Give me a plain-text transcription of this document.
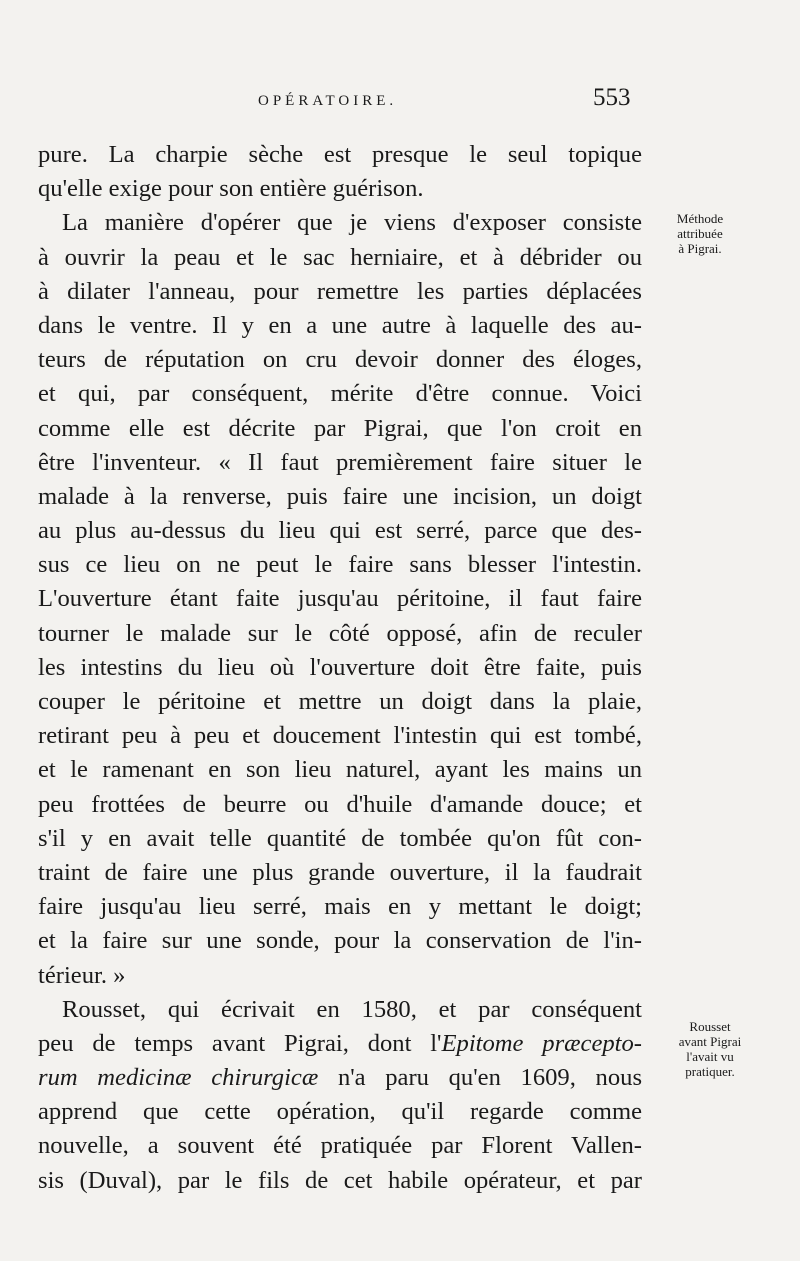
OPÉRATOIRE.	553
pure. La charpie sèche est presque le seul topique
qu'elle exige pour son entière guérison.
La manière d'opérer que je viens d'exposer consiste
à ouvrir la peau et le sac herniaire, et à débrider ou
à dilater l'anneau, pour remettre les parties déplacées
dans le ventre. Il y en a une autre à laquelle des au-
teurs de réputation on cru devoir donner des éloges,
et qui, par conséquent, mérite d'être connue. Voici
comme elle est décrite par Pigrai, que l'on croit en
être l'inventeur. « Il faut premièrement faire situer le
malade à la renverse, puis faire une incision, un doigt
au plus au-dessus du lieu qui est serré, parce que des-
sus ce lieu on ne peut le faire sans blesser l'intestin.
L'ouverture étant faite jusqu'au péritoine, il faut faire
tourner le malade sur le côté opposé, afin de reculer
les intestins du lieu où l'ouverture doit être faite, puis
couper le péritoine et mettre un doigt dans la plaie,
retirant peu à peu et doucement l'intestin qui est tombé,
et le ramenant en son lieu naturel, ayant les mains un
peu frottées de beurre ou d'huile d'amande douce; et
s'il y en avait telle quantité de tombée qu'on fût con-
traint de faire une plus grande ouverture, il la faudrait
faire jusqu'au lieu serré, mais en y mettant le doigt;
et la faire sur une sonde, pour la conservation de l'in-
térieur. »
Rousset, qui écrivait en 1580, et par conséquent
peu de temps avant Pigrai, dont l'Epitome præcepto-
rum medicinæ chirurgicæ n'a paru qu'en 1609, nous
apprend que cette opération, qu'il regarde comme
nouvelle, a souvent été pratiquée par Florent Vallen-
sis (Duval), par le fils de cet habile opérateur, et par
Méthode
attribuée
à Pigrai.
Rousset
avant Pigrai
l'avait vu
pratiquer.
